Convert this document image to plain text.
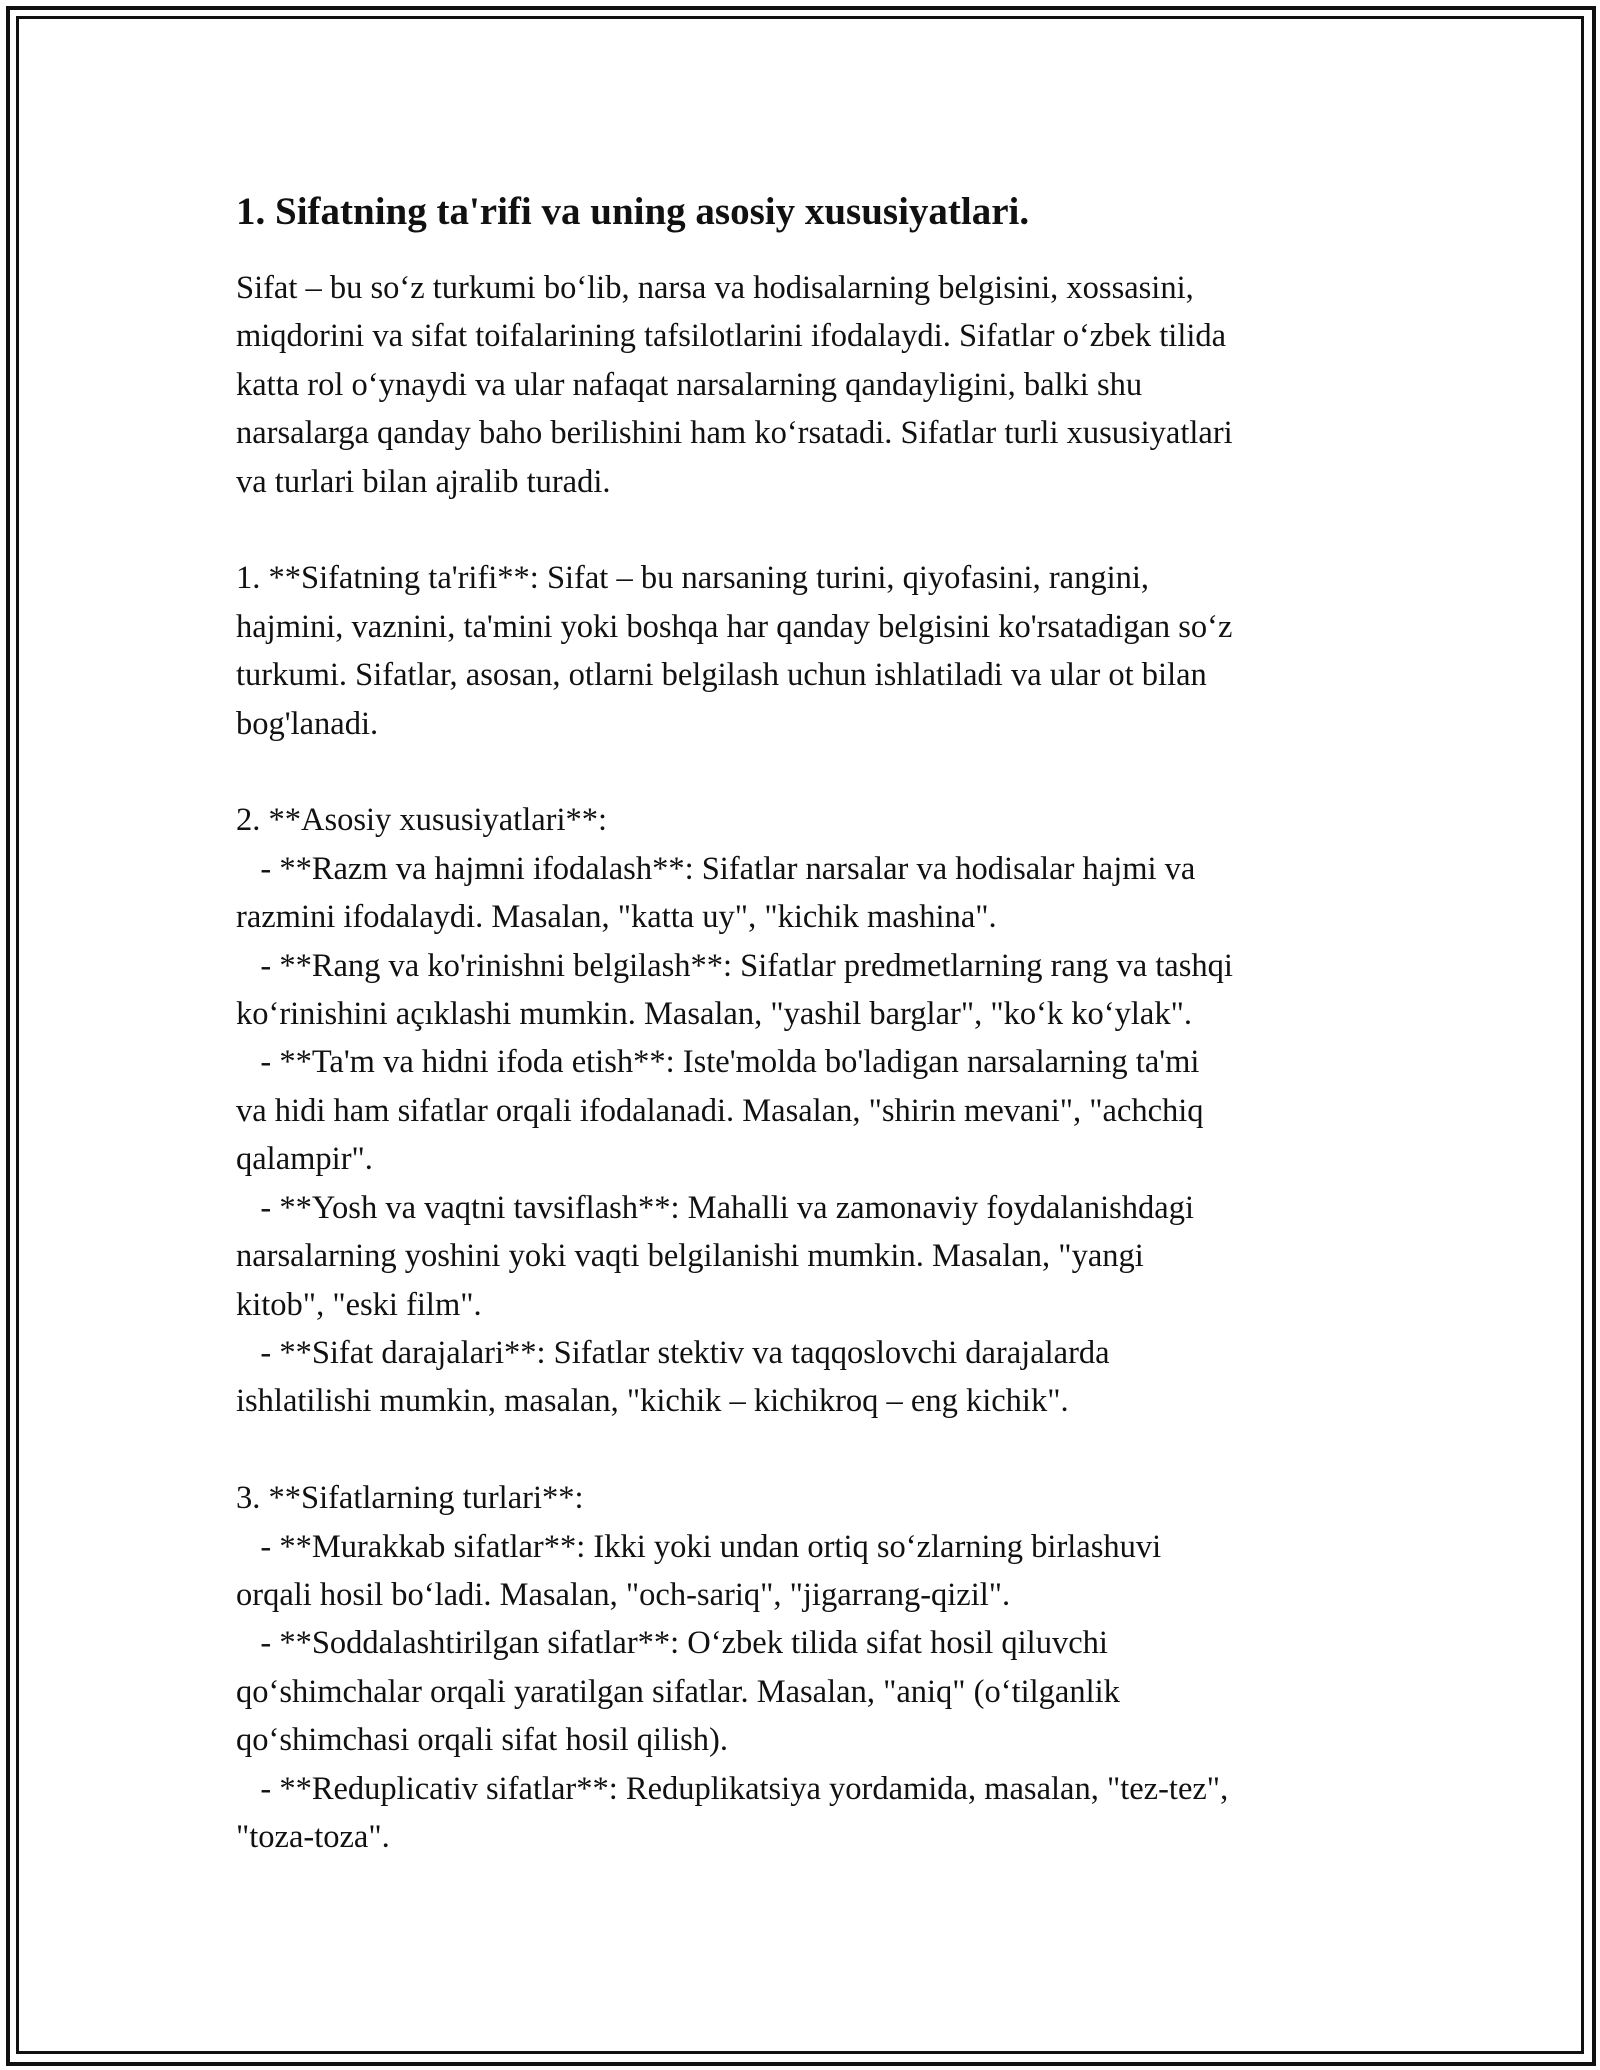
1. Sifatning ta'rifi va uning asosiy xususiyatlari.

Sifat – bu so‘z turkumi bo‘lib, narsa va hodisalarning belgisini, xossasini,
miqdorini va sifat toifalarining tafsilotlarini ifodalaydi. Sifatlar o‘zbek tilida
katta rol o‘ynaydi va ular nafaqat narsalarning qandayligini, balki shu
narsalarga qanday baho berilishini ham ko‘rsatadi. Sifatlar turli xususiyatlari
va turlari bilan ajralib turadi.

1. **Sifatning ta'rifi**: Sifat – bu narsaning turini, qiyofasini, rangini,
hajmini, vaznini, ta'mini yoki boshqa har qanday belgisini ko'rsatadigan so‘z
turkumi. Sifatlar, asosan, otlarni belgilash uchun ishlatiladi va ular ot bilan
bog'lanadi.

2. **Asosiy xususiyatlari**:
- **Razm va hajmni ifodalash**: Sifatlar narsalar va hodisalar hajmi va
razmini ifodalaydi. Masalan, "katta uy", "kichik mashina".
- **Rang va ko'rinishni belgilash**: Sifatlar predmetlarning rang va tashqi
ko‘rinishini açıklashi mumkin. Masalan, "yashil barglar", "ko‘k ko‘ylak".
- **Ta'm va hidni ifoda etish**: Iste'molda bo'ladigan narsalarning ta'mi
va hidi ham sifatlar orqali ifodalanadi. Masalan, "shirin mevani", "achchiq
qalampir".
- **Yosh va vaqtni tavsiflash**: Mahalli va zamonaviy foydalanishdagi
narsalarning yoshini yoki vaqti belgilanishi mumkin. Masalan, "yangi
kitob", "eski film".
- **Sifat darajalari**: Sifatlar stektiv va taqqoslovchi darajalarda
ishlatilishi mumkin, masalan, "kichik – kichikroq – eng kichik".

3. **Sifatlarning turlari**:
- **Murakkab sifatlar**: Ikki yoki undan ortiq so‘zlarning birlashuvi
orqali hosil bo‘ladi. Masalan, "och-sariq", "jigarrang-qizil".
- **Soddalashtirilgan sifatlar**: O‘zbek tilida sifat hosil qiluvchi
qo‘shimchalar orqali yaratilgan sifatlar. Masalan, "aniq" (o‘tilganlik
qo‘shimchasi orqali sifat hosil qilish).
- **Reduplicativ sifatlar**: Reduplikatsiya yordamida, masalan, "tez-tez",
"toza-toza".
